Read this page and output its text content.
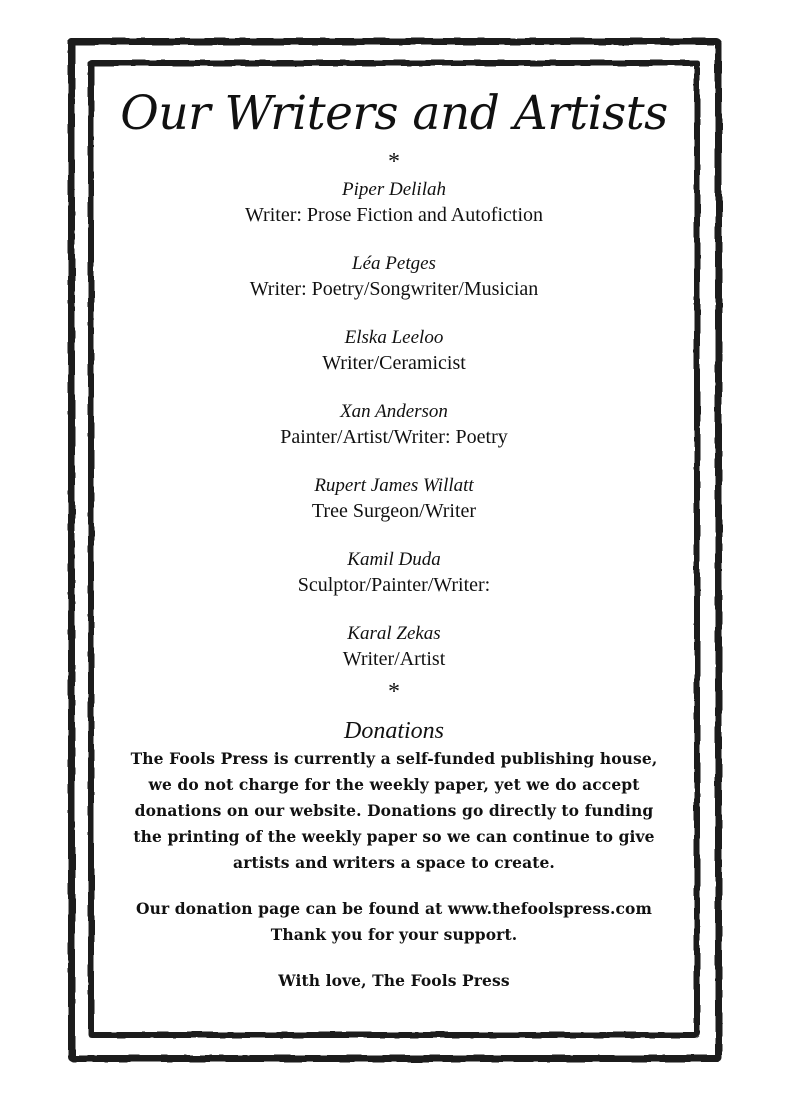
Our Writers and Artists
*
Piper Delilah
Writer: Prose Fiction and Autofiction
Léa Petges
Writer: Poetry/Songwriter/Musician
Elska Leeloo
Writer/Ceramicist
Xan Anderson
Painter/Artist/Writer: Poetry
Rupert James Willatt
Tree Surgeon/Writer
Kamil Duda
Sculptor/Painter/Writer:
Karal Zekas
Writer/Artist
*
Donations
The Fools Press is currently a self-funded publishing house,
we do not charge for the weekly paper, yet we do accept
donations on our website. Donations go directly to funding
the printing of the weekly paper so we can continue to give
artists and writers a space to create.
Our donation page can be found at www.thefoolspress.com
Thank you for your support.
With love, The Fools Press
